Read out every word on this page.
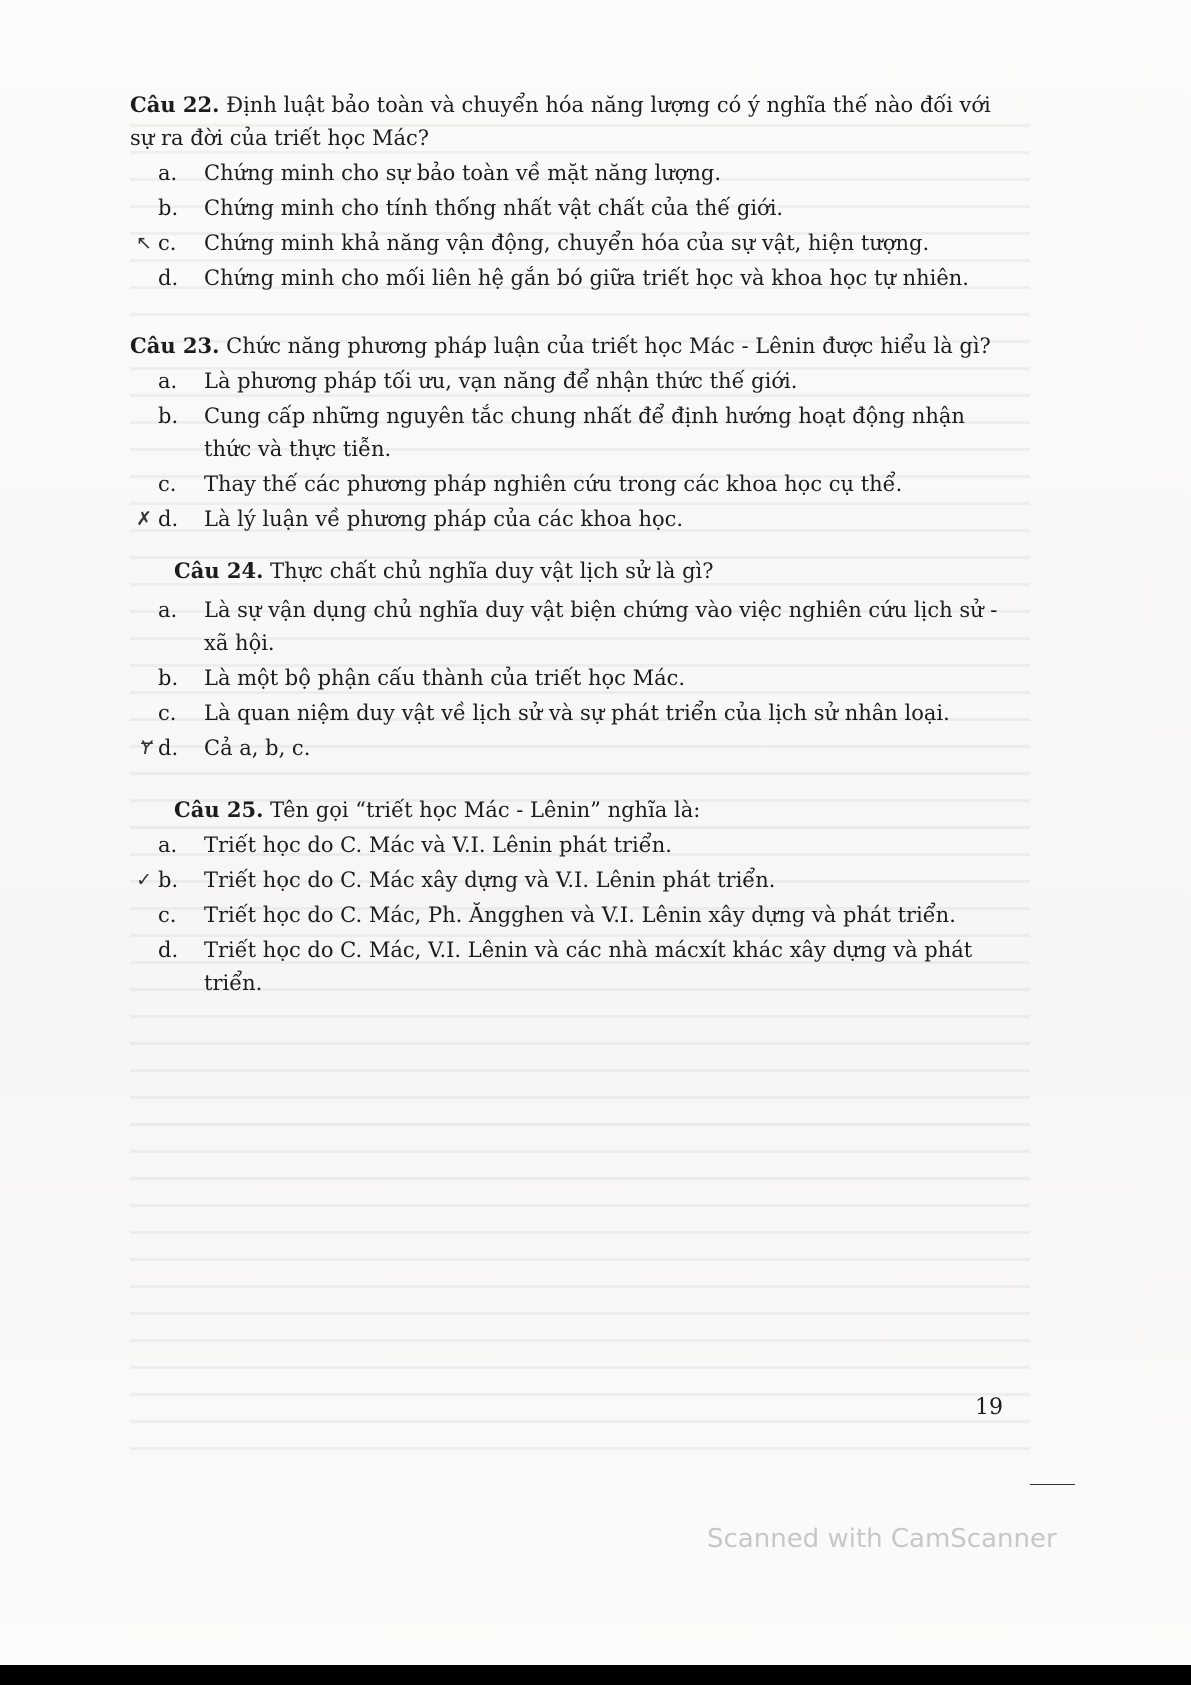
Câu 22. Định luật bảo toàn và chuyển hóa năng lượng có ý nghĩa thế nào đối với sự ra đời của triết học Mác?

a.	Chứng minh cho sự bảo toàn về mặt năng lượng.
b.	Chứng minh cho tính thống nhất vật chất của thế giới.
↖ c.	Chứng minh khả năng vận động, chuyển hóa của sự vật, hiện tượng.
d.	Chứng minh cho mối liên hệ gắn bó giữa triết học và khoa học tự nhiên.

Câu 23. Chức năng phương pháp luận của triết học Mác - Lênin được hiểu là gì?

a.	Là phương pháp tối ưu, vạn năng để nhận thức thế giới.
b.	Cung cấp những nguyên tắc chung nhất để định hướng hoạt động nhận thức và thực tiễn.
c.	Thay thế các phương pháp nghiên cứu trong các khoa học cụ thể.
✗ d.	Là lý luận về phương pháp của các khoa học.

Câu 24. Thực chất chủ nghĩa duy vật lịch sử là gì?

a.	Là sự vận dụng chủ nghĩa duy vật biện chứng vào việc nghiên cứu lịch sử - xã hội.
b.	Là một bộ phận cấu thành của triết học Mác.
c.	Là quan niệm duy vật về lịch sử và sự phát triển của lịch sử nhân loại.
Ɏ d.	Cả a, b, c.

Câu 25. Tên gọi “triết học Mác - Lênin” nghĩa là:

a.	Triết học do C. Mác và V.I. Lênin phát triển.
✓ b.	Triết học do C. Mác xây dựng và V.I. Lênin phát triển.
c.	Triết học do C. Mác, Ph. Ăngghen và V.I. Lênin xây dựng và phát triển.
d.	Triết học do C. Mác, V.I. Lênin và các nhà mácxít khác xây dựng và phát triển.
19
Scanned with CamScanner
